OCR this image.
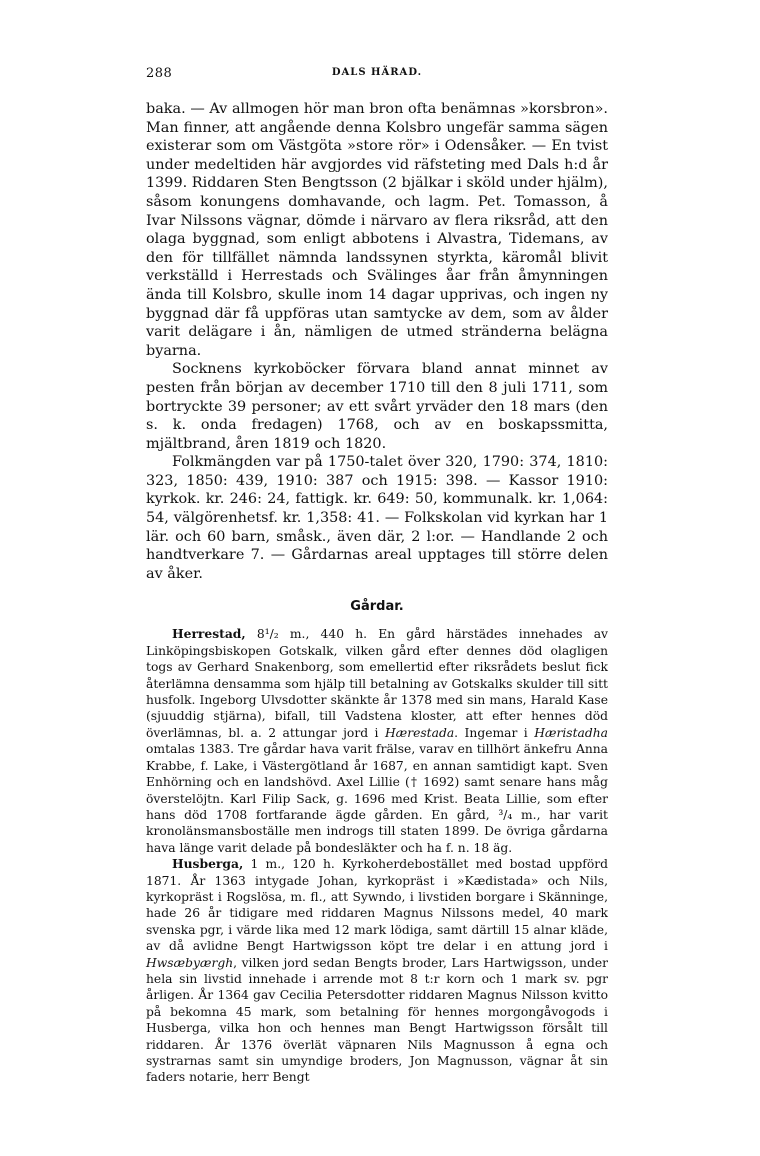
288	DALS HÄRAD.

baka. — Av allmogen hör man bron ofta benämnas »korsbron». Man finner, att angående denna Kolsbro ungefär samma sägen existerar som om Västgöta »store rör» i Odensåker. — En tvist under medeltiden här avgjordes vid räfsteting med Dals h:d år 1399. Riddaren Sten Bengtsson (2 bjälkar i sköld under hjälm), såsom konungens domhavande, och lagm. Pet. Tomasson, å Ivar Nilssons vägnar, dömde i närvaro av flera riksråd, att den olaga byggnad, som enligt abbotens i Alvastra, Tidemans, av den för tillfället nämnda landssynen styrkta, käromål blivit verkställd i Herrestads och Svälinges åar från åmynningen ända till Kolsbro, skulle inom 14 dagar upprivas, och ingen ny byggnad där få uppföras utan samtycke av dem, som av ålder varit delägare i ån, nämligen de utmed stränderna belägna byarna.

Socknens kyrkoböcker förvara bland annat minnet av pesten från början av december 1710 till den 8 juli 1711, som bortryckte 39 personer; av ett svårt yrväder den 18 mars (den s. k. onda fredagen) 1768, och av en boskapssmitta, mjältbrand, åren 1819 och 1820.

Folkmängden var på 1750-talet över 320, 1790: 374, 1810: 323, 1850: 439, 1910: 387 och 1915: 398. — Kassor 1910: kyrkok. kr. 246: 24, fattigk. kr. 649: 50, kommunalk. kr. 1,064: 54, välgörenhetsf. kr. 1,358: 41. — Folkskolan vid kyrkan har 1 lär. och 60 barn, småsk., även där, 2 l:or. — Handlande 2 och handtverkare 7. — Gårdarnas areal upptages till större delen av åker.

Gårdar.

Herrestad, 8¹/₂ m., 440 h. En gård härstädes innehades av Linköpingsbiskopen Gotskalk, vilken gård efter dennes död olagligen togs av Gerhard Snakenborg, som emellertid efter riksrådets beslut fick återlämna densamma som hjälp till betalning av Gotskalks skulder till sitt husfolk. Ingeborg Ulvsdotter skänkte år 1378 med sin mans, Harald Kase (sjuuddig stjärna), bifall, till Vadstena kloster, att efter hennes död överlämnas, bl. a. 2 attungar jord i Hærestada. Ingemar i Hæristadha omtalas 1383. Tre gårdar hava varit frälse, varav en tillhört änkefru Anna Krabbe, f. Lake, i Västergötland år 1687, en annan samtidigt kapt. Sven Enhörning och en landshövd. Axel Lillie († 1692) samt senare hans måg överstelöjtn. Karl Filip Sack, g. 1696 med Krist. Beata Lillie, som efter hans död 1708 fortfarande ägde gården. En gård, ³/₄ m., har varit kronolänsmansboställe men indrogs till staten 1899. De övriga gårdarna hava länge varit delade på bondesläkter och ha f. n. 18 äg.

Husberga, 1 m., 120 h. Kyrkoherdebostället med bostad uppförd 1871. År 1363 intygade Johan, kyrkopräst i »Kædistada» och Nils, kyrkopräst i Rogslösa, m. fl., att Sywndo, i livstiden borgare i Skänninge, hade 26 år tidigare med riddaren Magnus Nilssons medel, 40 mark svenska pgr, i värde lika med 12 mark lödiga, samt därtill 15 alnar kläde, av då avlidne Bengt Hartwigsson köpt tre delar i en attung jord i Hwsæbyærgh, vilken jord sedan Bengts broder, Lars Hartwigsson, under hela sin livstid innehade i arrende mot 8 t:r korn och 1 mark sv. pgr årligen. År 1364 gav Cecilia Petersdotter riddaren Magnus Nilsson kvitto på bekomna 45 mark, som betalning för hennes morgongåvogods i Husberga, vilka hon och hennes man Bengt Hartwigsson försålt till riddaren. År 1376 överlät väpnaren Nils Magnusson å egna och systrarnas samt sin umyndige broders, Jon Magnusson, vägnar åt sin faders notarie, herr Bengt
